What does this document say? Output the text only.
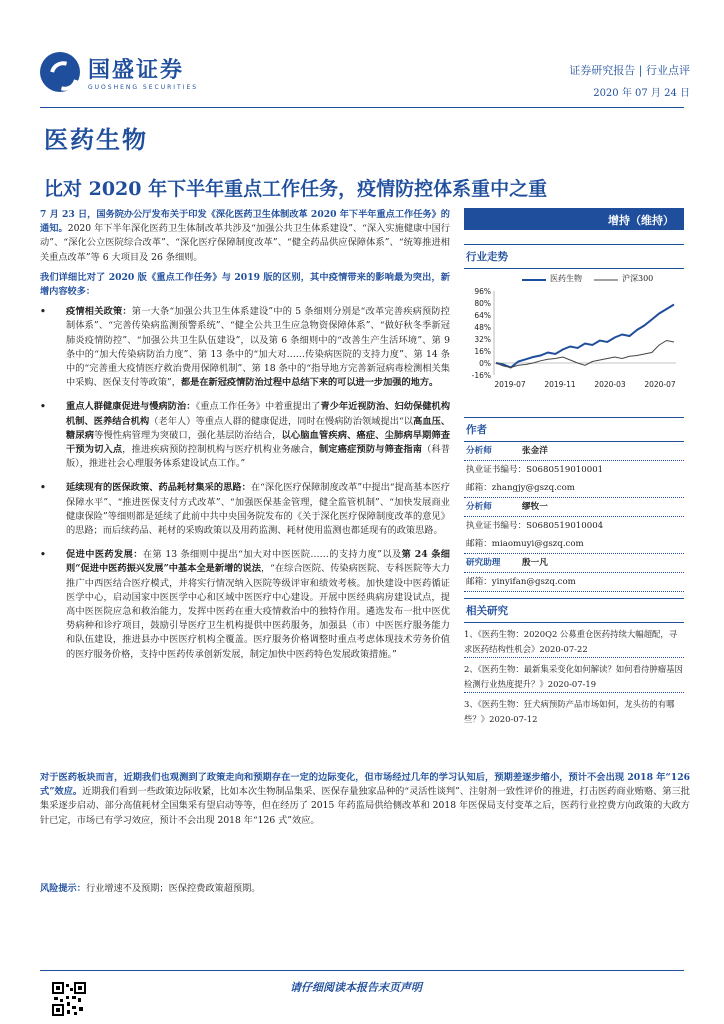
国盛证券
GUOSHENG SECURITIES
证券研究报告 | 行业点评
2020 年 07 月 24 日
医药生物
比对 2020 年下半年重点工作任务，疫情防控体系重中之重

7 月 23 日，国务院办公厅发布关于印发《深化医药卫生体制改革 2020 年下半年重点工作任务》的通知。2020 年下半年深化医药卫生体制改革共涉及“加强公共卫生体系建设”、“深入实施健康中国行动”、“深化公立医院综合改革”、“深化医疗保障制度改革”、“健全药品供应保障体系”、“统筹推进相关重点改革”等 6 大项目及 26 条细则。

我们详细比对了 2020 版《重点工作任务》与 2019 版的区别，其中疫情带来的影响最为突出，新增内容较多：

• 疫情相关政策：第一大条“加强公共卫生体系建设”中的 5 条细则分别是“改革完善疾病预防控制体系”、“完善传染病监测预警系统”、“健全公共卫生应急物资保障体系”、“做好秋冬季新冠肺炎疫情防控”、“加强公共卫生队伍建设”，以及第 6 条细则中的“改善生产生活环境”、第 9 条中的“加大传染病防治力度”、第 13 条中的“加大对……传染病医院的支持力度”、第 14 条中的“完善重大疫情医疗救治费用保障机制”、第 18 条中的“指导地方完善新冠病毒检测相关集中采购、医保支付等政策”，都是在新冠疫情防治过程中总结下来的可以进一步加强的地方。
• 重点人群健康促进与慢病防治：《重点工作任务》中着重提出了青少年近视防治、妇幼保健机构机制、医养结合机构（老年人）等重点人群的健康促进，同时在慢病防治领域提出“以高血压、糖尿病等慢性病管理为突破口，强化基层防治结合，以心脑血管疾病、癌症、尘肺病早期筛查干预为切入点，推进疾病预防控制机构与医疗机构业务融合，制定癌症预防与筛查指南（科普版），推进社会心理服务体系建设试点工作。”
• 延续现有的医保政策、药品耗材集采的思路：在“深化医疗保障制度改革”中提出“提高基本医疗保障水平”、“推进医保支付方式改革”、“加强医保基金管理，健全监管机制”、“加快发展商业健康保险”等细则都是延续了此前中共中央国务院发布的《关于深化医疗保障制度改革的意见》的思路；而后续药品、耗材的采购政策以及用药监测、耗材使用监测也都延现有的政策思路。
• 促进中医药发展：在第 13 条细则中提出“加大对中医医院……的支持力度”以及第 24 条细则“促进中医药振兴发展”中基本全是新增的说法，“在综合医院、传染病医院、专科医院等大力推广中西医结合医疗模式，并将实行情况纳入医院等级评审和绩效考核。加快建设中医药循证医学中心，启动国家中医医学中心和区域中医医疗中心建设。开展中医经典病房建设试点，提高中医医院应急和救治能力，发挥中医药在重大疫情救治中的独特作用。遴选发布一批中医优势病种和诊疗项目，鼓励引导医疗卫生机构提供中医药服务，加强县（市）中医医疗服务能力和队伍建设，推进县办中医医疗机构全覆盖。医疗服务价格调整时重点考虑体现技术劳务价值的医疗服务价格，支持中医药传承创新发展，制定加快中医药特色发展政策措施。”
增持（维持）
行业走势
医药生物	沪深300
96%
80%
64%
48%
32%
16%
0%
-16%
2019-07 2019-11 2020-03 2020-07
作者
分析师	张金洋
执业证书编号： S0680519010001
邮箱： zhangjy@gszq.com
分析师	缪牧一
执业证书编号： S0680519010004
邮箱： miaomuyi@gszq.com
研究助理	殷一凡
邮箱： yinyifan@gszq.com
相关研究

1、《医药生物：2020Q2 公募重仓医药持续大幅超配，寻求医药结构性机会》2020-07-22

2、《医药生物：最新集采变化如何解读？如何看待肿瘤基因检测行业热度提升？》2020-07-19

3、《医药生物：狂犬病预防产品市场如何，龙头彷的有哪些？》2020-07-12

对于医药板块而言，近期我们也观测到了政策走向和预期存在一定的边际变化，但市场经过几年的学习认知后，预期差逐步缩小，预计不会出现 2018 年“126 式”效应。近期我们看到一些政策边际收紧，比如本次生物制品集采、医保存量独家品种的“灵活性谈判”、注射剂一致性评价的推进，打击医药商业贿赂、第三批集采逐步启动、部分高值耗材全国集采有望启动等等，但在经历了 2015 年药监局供给侧改革和 2018 年医保局支付变革之后，医药行业控费方向政策的大政方针已定，市场已有学习效应，预计不会出现 2018 年“126 式”效应。
风险提示：行业增速不及预期；医保控费政策超预期。
请仔细阅读本报告末页声明
